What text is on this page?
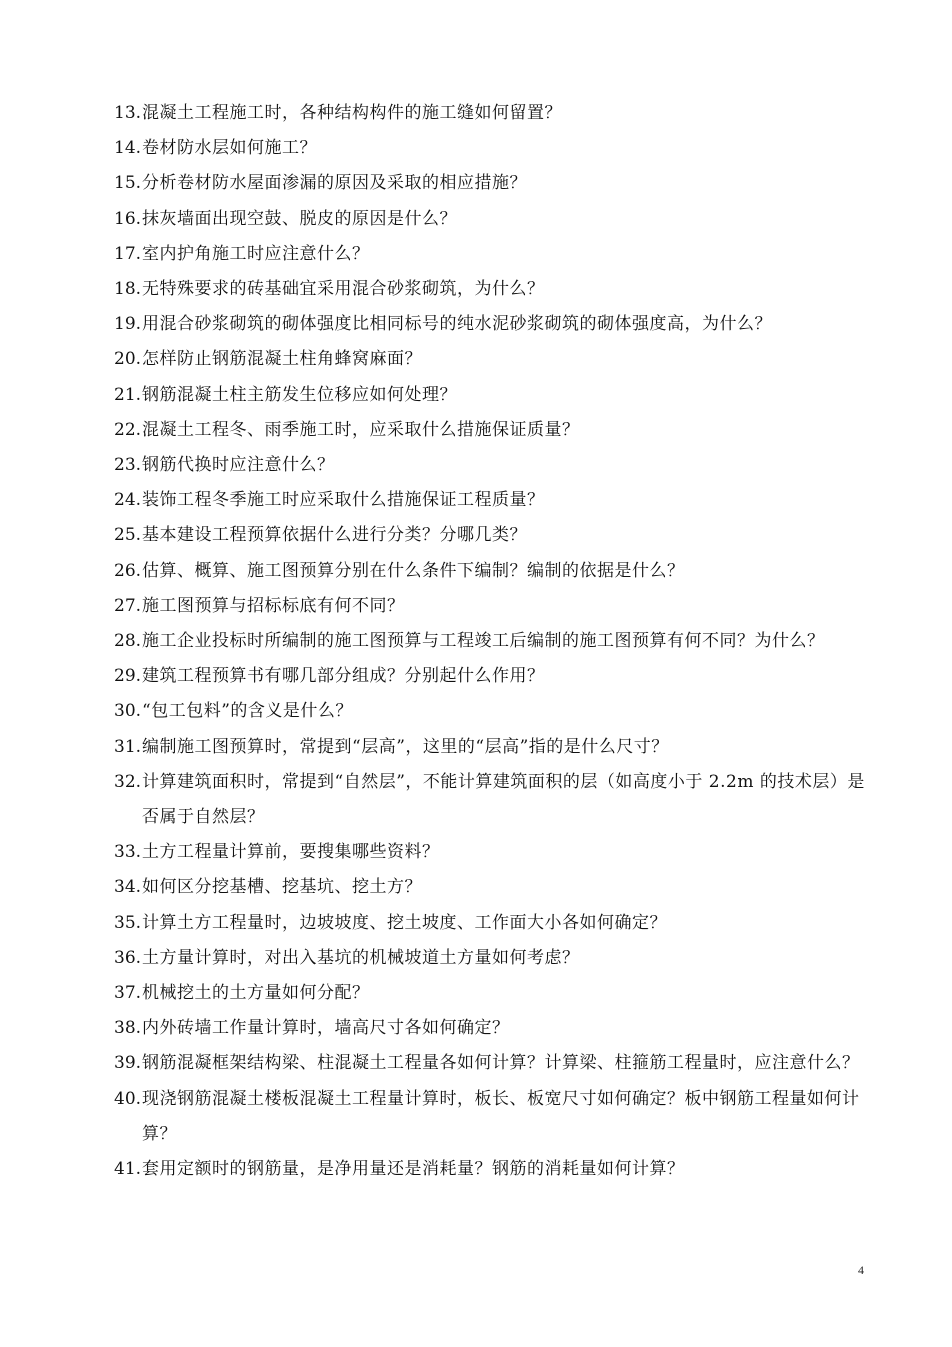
13. 混凝土工程施工时，各种结构构件的施工缝如何留置？
14. 卷材防水层如何施工？
15. 分析卷材防水屋面渗漏的原因及采取的相应措施？
16. 抹灰墙面出现空鼓、脱皮的原因是什么？
17. 室内护角施工时应注意什么？
18. 无特殊要求的砖基础宜采用混合砂浆砌筑，为什么？
19. 用混合砂浆砌筑的砌体强度比相同标号的纯水泥砂浆砌筑的砌体强度高，为什么？
20. 怎样防止钢筋混凝土柱角蜂窝麻面？
21. 钢筋混凝土柱主筋发生位移应如何处理？
22. 混凝土工程冬、雨季施工时，应采取什么措施保证质量？
23. 钢筋代换时应注意什么？
24. 装饰工程冬季施工时应采取什么措施保证工程质量？
25. 基本建设工程预算依据什么进行分类？分哪几类？
26. 估算、概算、施工图预算分别在什么条件下编制？编制的依据是什么？
27. 施工图预算与招标标底有何不同？
28. 施工企业投标时所编制的施工图预算与工程竣工后编制的施工图预算有何不同？为什么？
29. 建筑工程预算书有哪几部分组成？分别起什么作用？
30. “包工包料”的含义是什么？
31. 编制施工图预算时，常提到“层高”，这里的“层高”指的是什么尺寸？
32. 计算建筑面积时，常提到“自然层”，不能计算建筑面积的层（如高度小于 2.2m 的技术层）是否属于自然层？
33. 土方工程量计算前，要搜集哪些资料？
34. 如何区分挖基槽、挖基坑、挖土方？
35. 计算土方工程量时，边坡坡度、挖土坡度、工作面大小各如何确定？
36. 土方量计算时，对出入基坑的机械坡道土方量如何考虑？
37. 机械挖土的土方量如何分配？
38. 内外砖墙工作量计算时，墙高尺寸各如何确定？
39. 钢筋混凝框架结构梁、柱混凝土工程量各如何计算？计算梁、柱箍筋工程量时，应注意什么？
40. 现浇钢筋混凝土楼板混凝土工程量计算时，板长、板宽尺寸如何确定？板中钢筋工程量如何计算？
41. 套用定额时的钢筋量，是净用量还是消耗量？钢筋的消耗量如何计算？
4
